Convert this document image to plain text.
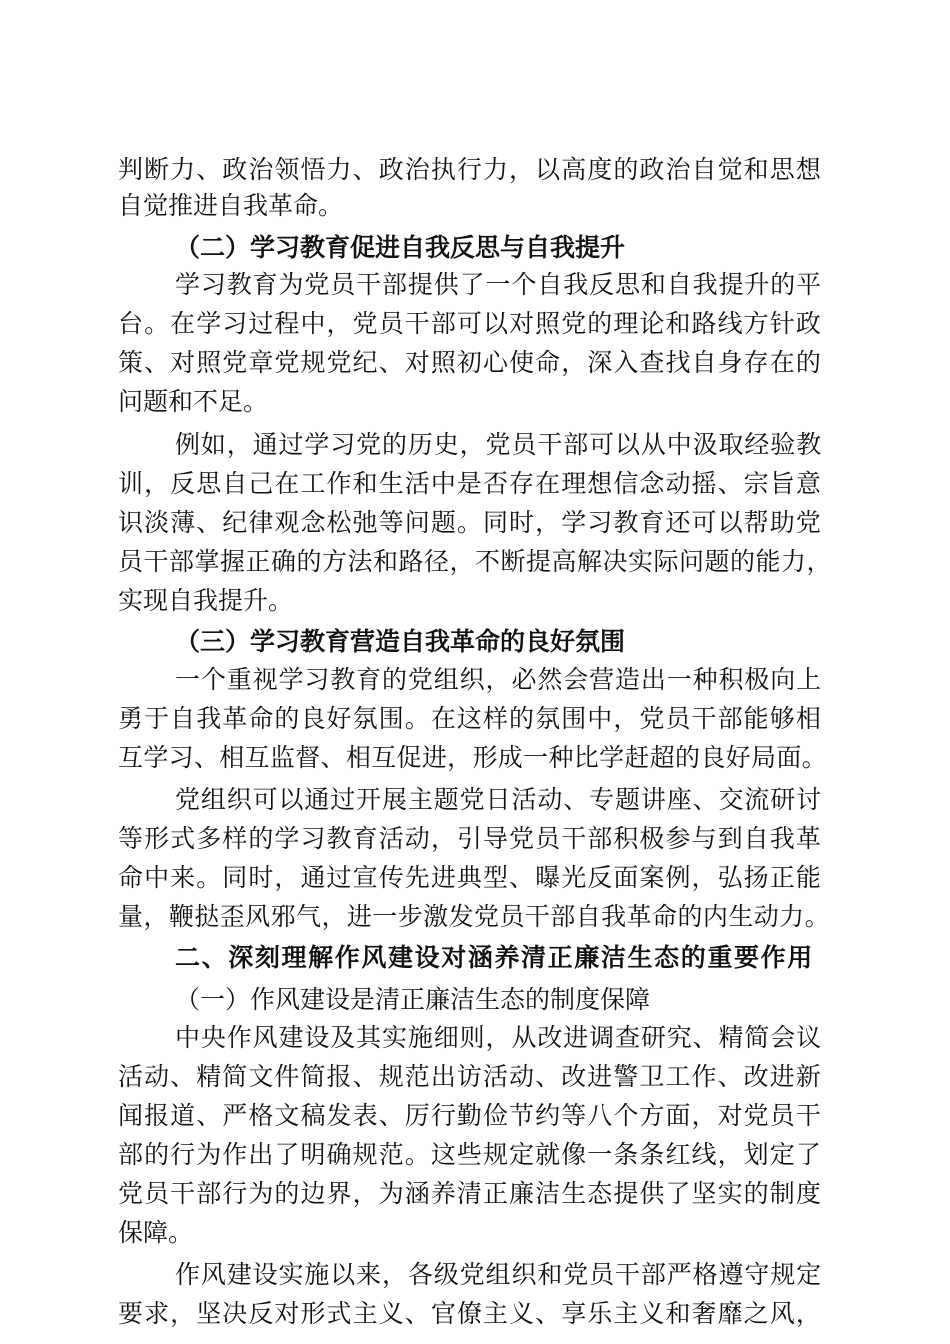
判断力、政治领悟力、政治执行力，以高度的政治自觉和思想
自觉推进自我革命。
（二）学习教育促进自我反思与自我提升
学习教育为党员干部提供了一个自我反思和自我提升的平
台。在学习过程中，党员干部可以对照党的理论和路线方针政
策、对照党章党规党纪、对照初心使命，深入查找自身存在的
问题和不足。
例如，通过学习党的历史，党员干部可以从中汲取经验教
训，反思自己在工作和生活中是否存在理想信念动摇、宗旨意
识淡薄、纪律观念松弛等问题。同时，学习教育还可以帮助党
员干部掌握正确的方法和路径，不断提高解决实际问题的能力，
实现自我提升。
（三）学习教育营造自我革命的良好氛围
一个重视学习教育的党组织，必然会营造出一种积极向上
勇于自我革命的良好氛围。在这样的氛围中，党员干部能够相
互学习、相互监督、相互促进，形成一种比学赶超的良好局面。
党组织可以通过开展主题党日活动、专题讲座、交流研讨
等形式多样的学习教育活动，引导党员干部积极参与到自我革
命中来。同时，通过宣传先进典型、曝光反面案例，弘扬正能
量，鞭挞歪风邪气，进一步激发党员干部自我革命的内生动力。
二、深刻理解作风建设对涵养清正廉洁生态的重要作用
（一）作风建设是清正廉洁生态的制度保障
中央作风建设及其实施细则，从改进调查研究、精简会议
活动、精简文件简报、规范出访活动、改进警卫工作、改进新
闻报道、严格文稿发表、厉行勤俭节约等八个方面，对党员干
部的行为作出了明确规范。这些规定就像一条条红线，划定了
党员干部行为的边界，为涵养清正廉洁生态提供了坚实的制度
保障。
作风建设实施以来，各级党组织和党员干部严格遵守规定
要求，坚决反对形式主义、官僚主义、享乐主义和奢靡之风，
